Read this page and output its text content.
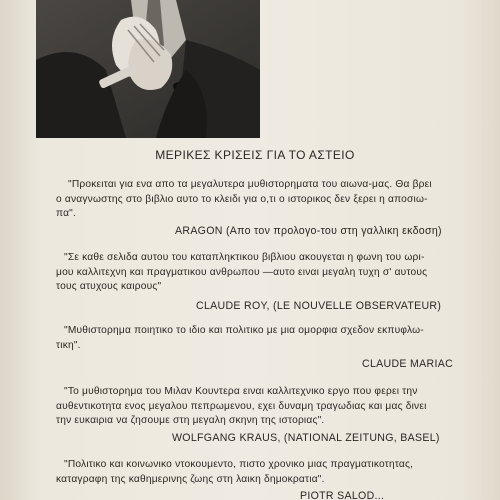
ΜΕΡΙΚΕΣ ΚΡΙΣΕΙΣ ΓΙΑ ΤΟ ΑΣΤΕΙΟ
"Προκειται για ενα απο τα μεγαλυτερα μυθιστορηματα του αιωνα-μας. Θα βρει
ο αναγνωστης στο βιβλιο αυτο το κλειδι για ο,τι ο ιστορικος δεν ξερει η αποσιω-
πα".
ARAGON (Απο τον προλογο-του στη γαλλικη εκδοση)
"Σε καθε σελιδα αυτου του καταπληκτικου βιβλιου ακουγεται η φωνη του ωρι-
μου καλλιτεχνη και πραγματικου ανθρωπου —αυτο ειναι μεγαλη τυχη σ' αυτους
τους ατυχους καιρους"
CLAUDE ROY, (LE NOUVELLE OBSERVATEUR)
"Μυθιστορημα ποιητικο το ιδιο και πολιτικο με μια ομορφια σχεδον εκπυφλω-
τικη".
CLAUDE MARIAC
"Το μυθιστορημα του Μιλαν Κουντερα ειναι καλλιτεχνικο εργο που φερει την
αυθεντικοτητα ενος μεγαλου πεπρωμενου, εχει δυναμη τραγωδιας και μας δινει
την ευκαιρια να ζησουμε στη μεγαλη σκηνη της ιστοριας".
WOLFGANG KRAUS, (NATIONAL ZEITUNG, BASEL)
"Πολιτικο και κοινωνικο ντοκουμεντο, πιστο χρονικο μιας πραγματικοτητας,
καταγραφη της καθημερινης ζωης στη λαικη δημοκρατια".
PIOTR SALOD...
